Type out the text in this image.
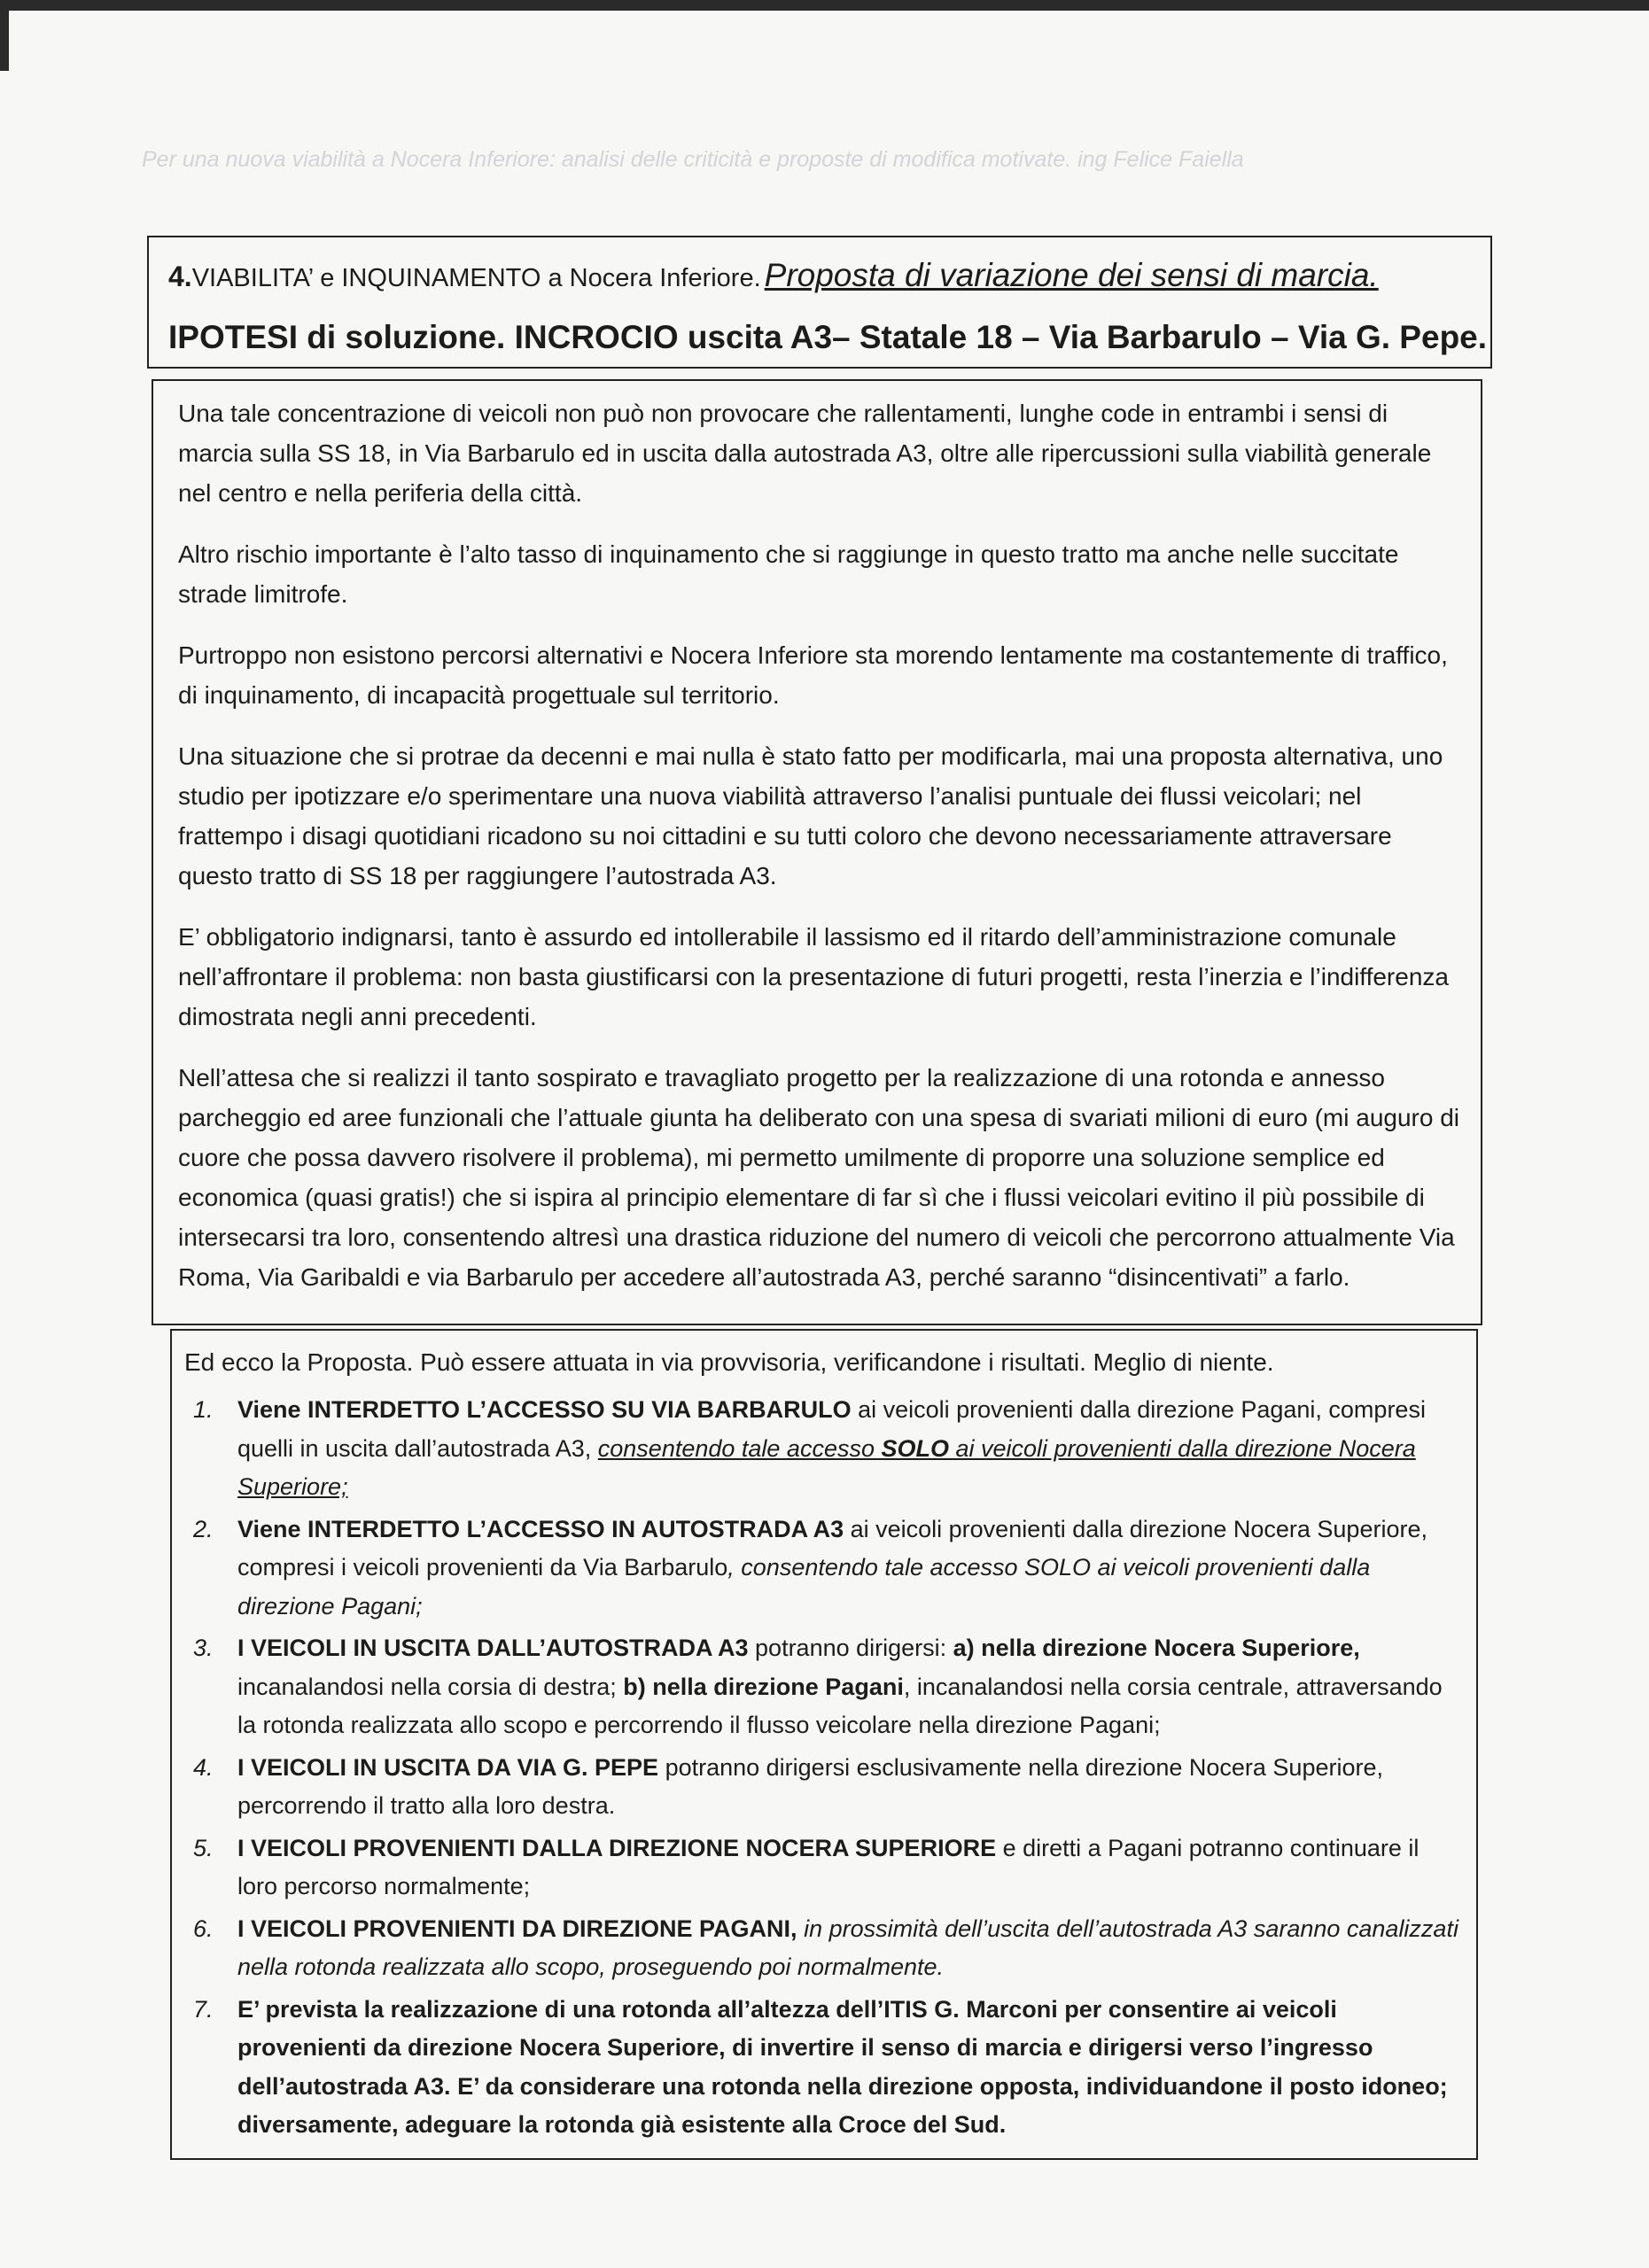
Per una nuova viabilità a Nocera Inferiore: analisi delle criticità e proposte di modifica motivate. ing Felice Faiella
4.VIABILITA’ e INQUINAMENTO a Nocera Inferiore. Proposta di variazione dei sensi di marcia.
IPOTESI di soluzione. INCROCIO uscita A3– Statale 18 – Via Barbarulo – Via G. Pepe.

Una tale concentrazione di veicoli non può non provocare che rallentamenti, lunghe code in entrambi i sensi di marcia sulla SS 18, in Via Barbarulo ed in uscita dalla autostrada A3, oltre alle ripercussioni sulla viabilità generale nel centro e nella periferia della città.

Altro rischio importante è l’alto tasso di inquinamento che si raggiunge in questo tratto ma anche nelle succitate strade limitrofe.

Purtroppo non esistono percorsi alternativi e Nocera Inferiore sta morendo lentamente ma costantemente di traffico, di inquinamento, di incapacità progettuale sul territorio.

Una situazione che si protrae da decenni e mai nulla è stato fatto per modificarla, mai una proposta alternativa, uno studio per ipotizzare e/o sperimentare una nuova viabilità attraverso l’analisi puntuale dei flussi veicolari; nel frattempo i disagi quotidiani ricadono su noi cittadini e su tutti coloro che devono necessariamente attraversare questo tratto di SS 18 per raggiungere l’autostrada A3.

E’ obbligatorio indignarsi, tanto è assurdo ed intollerabile il lassismo ed il ritardo dell’amministrazione comunale nell’affrontare il problema: non basta giustificarsi con la presentazione di futuri progetti, resta l’inerzia e l’indifferenza dimostrata negli anni precedenti.

Nell’attesa che si realizzi il tanto sospirato e travagliato progetto per la realizzazione di una rotonda e annesso parcheggio ed aree funzionali che l’attuale giunta ha deliberato con una spesa di svariati milioni di euro (mi auguro di cuore che possa davvero risolvere il problema), mi permetto umilmente di proporre una soluzione semplice ed economica (quasi gratis!) che si ispira al principio elementare di far sì che i flussi veicolari evitino il più possibile di intersecarsi tra loro, consentendo altresì una drastica riduzione del numero di veicoli che percorrono attualmente Via Roma, Via Garibaldi e via Barbarulo per accedere all’autostrada A3, perché saranno “disincentivati” a farlo.

Ed ecco la Proposta. Può essere attuata in via provvisoria, verificandone i risultati. Meglio di niente.

1. Viene INTERDETTO L’ACCESSO SU VIA BARBARULO ai veicoli provenienti dalla direzione Pagani, compresi quelli in uscita dall’autostrada A3, consentendo tale accesso SOLO ai veicoli provenienti dalla direzione Nocera Superiore;
2. Viene INTERDETTO L’ACCESSO IN AUTOSTRADA A3 ai veicoli provenienti dalla direzione Nocera Superiore, compresi i veicoli provenienti da Via Barbarulo, consentendo tale accesso SOLO ai veicoli provenienti dalla direzione Pagani;
3. I VEICOLI IN USCITA DALL’AUTOSTRADA A3 potranno dirigersi: a) nella direzione Nocera Superiore, incanalandosi nella corsia di destra; b) nella direzione Pagani, incanalandosi nella corsia centrale, attraversando la rotonda realizzata allo scopo e percorrendo il flusso veicolare nella direzione Pagani;
4. I VEICOLI IN USCITA DA VIA G. PEPE potranno dirigersi esclusivamente nella direzione Nocera Superiore, percorrendo il tratto alla loro destra.
5. I VEICOLI PROVENIENTI DALLA DIREZIONE NOCERA SUPERIORE e diretti a Pagani potranno continuare il loro percorso normalmente;
6. I VEICOLI PROVENIENTI DA DIREZIONE PAGANI, in prossimità dell’uscita dell’autostrada A3 saranno canalizzati nella rotonda realizzata allo scopo, proseguendo poi normalmente.
7. E’ prevista la realizzazione di una rotonda all’altezza dell’ITIS G. Marconi per consentire ai veicoli provenienti da direzione Nocera Superiore, di invertire il senso di marcia e dirigersi verso l’ingresso dell’autostrada A3. E’ da considerare una rotonda nella direzione opposta, individuandone il posto idoneo; diversamente, adeguare la rotonda già esistente alla Croce del Sud.
